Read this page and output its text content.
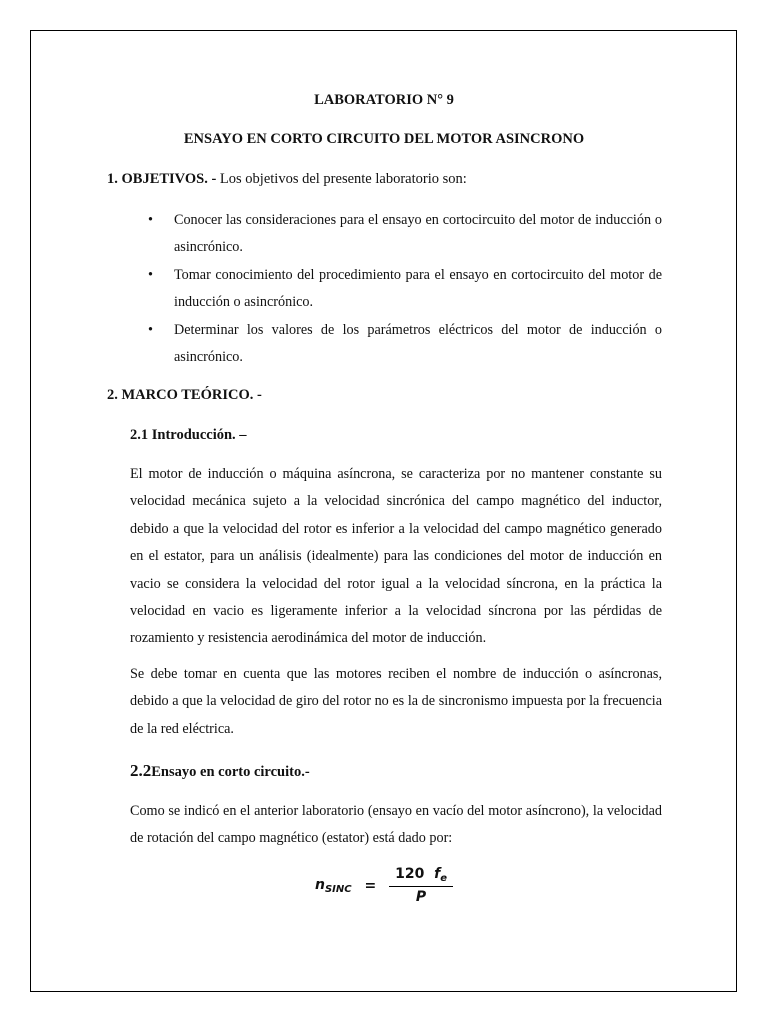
LABORATORIO N° 9

ENSAYO EN CORTO CIRCUITO DEL MOTOR ASINCRONO

1. OBJETIVOS. - Los objetivos del presente laboratorio son:

• Conocer las consideraciones para el ensayo en cortocircuito del motor de inducción o asincrónico.
• Tomar conocimiento del procedimiento para el ensayo en cortocircuito del motor de inducción o asincrónico.
• Determinar los valores de los parámetros eléctricos del motor de inducción o asincrónico.

2. MARCO TEÓRICO. -

2.1 Introducción. –

El motor de inducción o máquina asíncrona, se caracteriza por no mantener constante su velocidad mecánica sujeto a la velocidad sincrónica del campo magnético del inductor, debido a que la velocidad del rotor es inferior a la velocidad del campo magnético generado en el estator, para un análisis (idealmente) para las condiciones del motor de inducción en vacio se considera la velocidad del rotor igual a la velocidad síncrona, en la práctica la velocidad en vacio es ligeramente inferior a la velocidad síncrona por las pérdidas de rozamiento y resistencia aerodinámica del motor de inducción.

Se debe tomar en cuenta que las motores reciben el nombre de inducción o asíncronas, debido a que la velocidad de giro del rotor no es la de sincronismo impuesta por la frecuencia de la red eléctrica.

2.2Ensayo en corto circuito.-

Como se indicó en el anterior laboratorio (ensayo en vacío del motor asíncrono), la velocidad de rotación del campo magnético (estator) está dado por:

$n_{SINC} = \frac{120 f_e}{P}$
